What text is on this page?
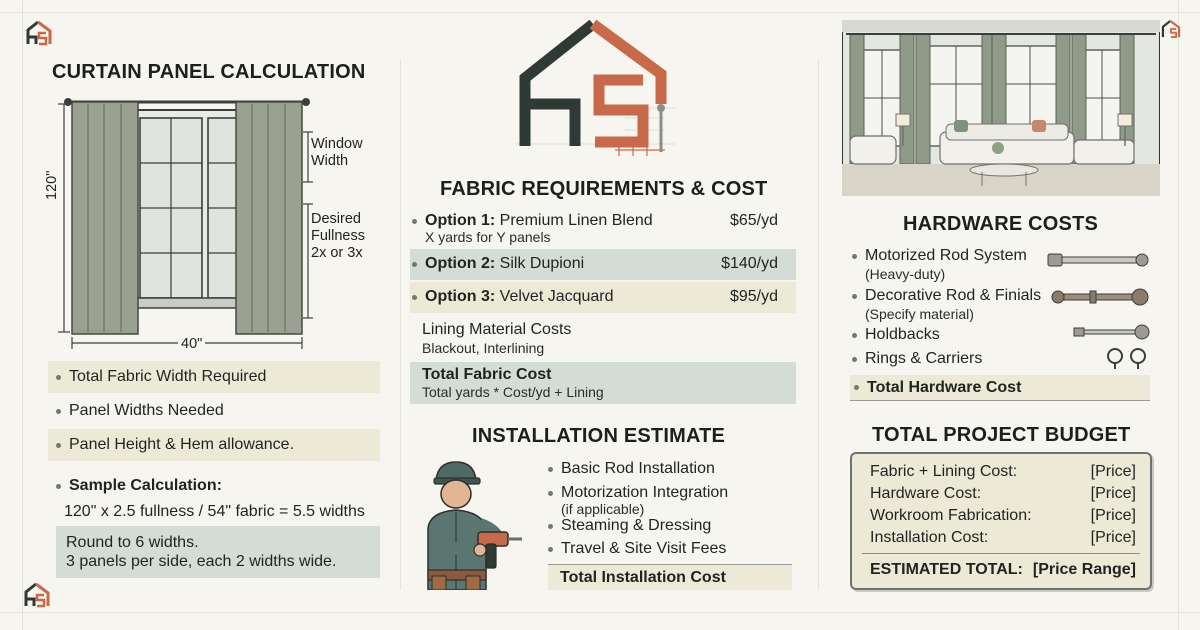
CURTAIN PANEL CALCULATION
120"
40"
Window Width
Desired Fullness
2x or 3x
Total Fabric Width Required
Panel Widths Needed
Panel Height & Hem allowance.
Sample Calculation:
120" x 2.5 fullness / 54" fabric = 5.5 widths
Round to 6 widths.
3 panels per side, each 2 widths wide.
FABRIC REQUIREMENTS & COST
Option 1:
Premium Linen Blend	$65/yd
X yards for Y panels
Option 2:
Silk Dupioni	$140/yd
Option 3:
Velvet Jacquard	$95/yd
Lining Material Costs
Blackout, Interlining
Total Fabric Cost
Total yards * Cost/yd + Lining
INSTALLATION ESTIMATE
Basic Rod Installation
Motorization Integration
(if applicable)
Steaming & Dressing
Travel & Site Visit Fees
Total Installation Cost
HARDWARE COSTS
Motorized Rod System
(Heavy-duty)
Decorative Rod & Finials
(Specify material)
Holdbacks
Rings & Carriers
Total Hardware Cost
TOTAL PROJECT BUDGET
Fabric + Lining Cost:	[Price]
Hardware Cost:	[Price]
Workroom Fabrication:	[Price]
Installation Cost:	[Price]
ESTIMATED TOTAL: [Price Range]
